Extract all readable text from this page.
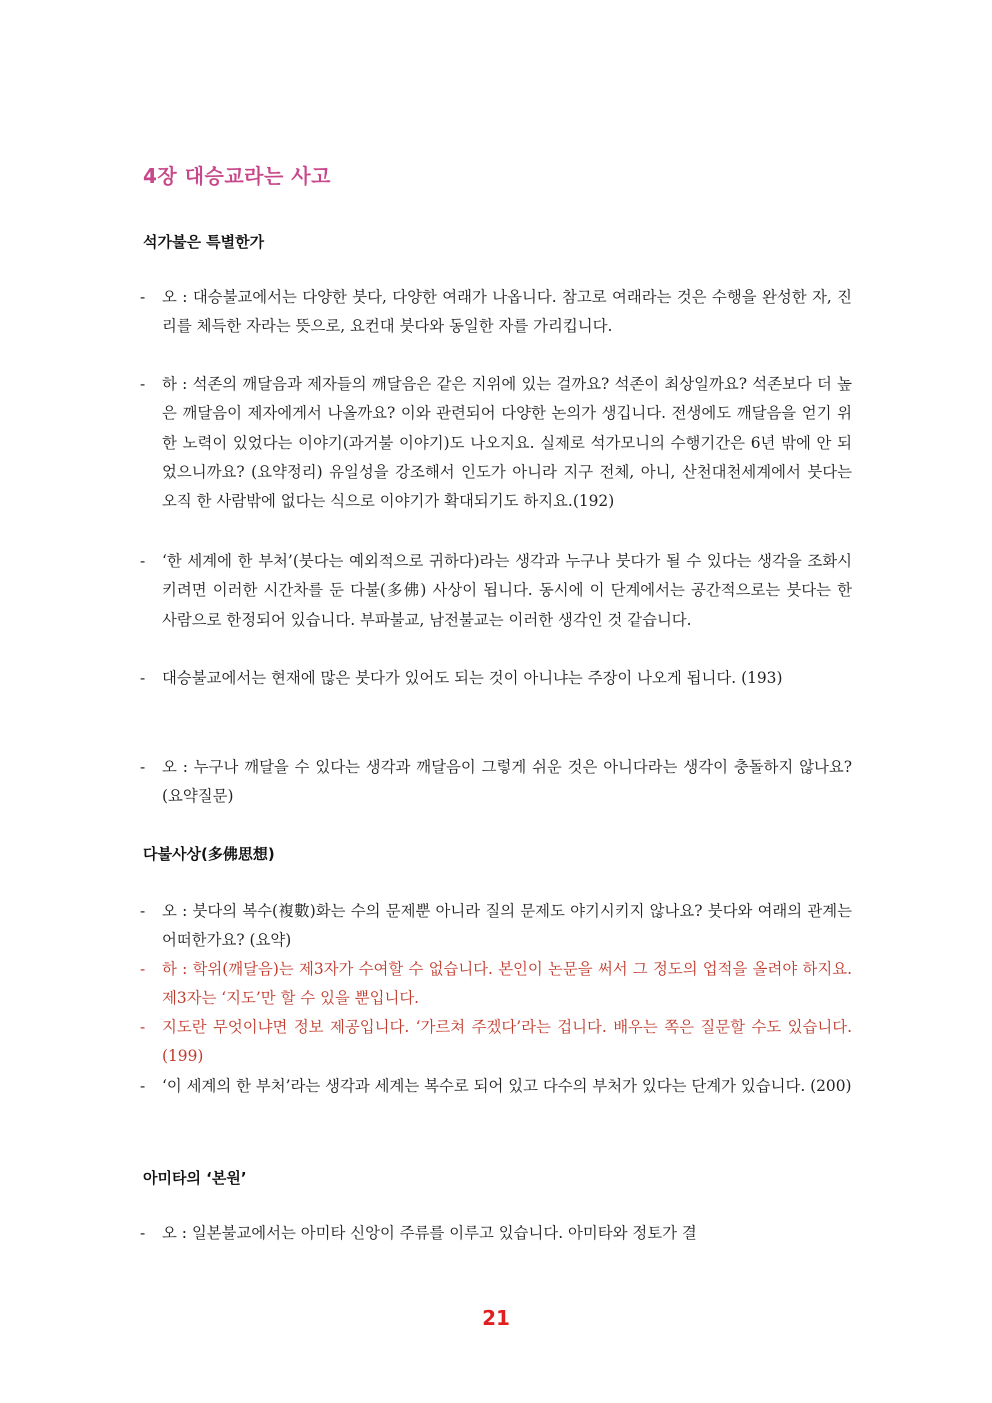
4장 대승교라는 사고
석가불은 특별한가
- 오 : 대승불교에서는 다양한 붓다, 다양한 여래가 나옵니다. 참고로 여래라는 것은 수행을 완성한 자, 진리를 체득한 자라는 뜻으로, 요컨대 붓다와 동일한 자를 가리킵니다.
- 하 : 석존의 깨달음과 제자들의 깨달음은 같은 지위에 있는 걸까요? 석존이 최상일까요? 석존보다 더 높은 깨달음이 제자에게서 나올까요? 이와 관련되어 다양한 논의가 생깁니다. 전생에도 깨달음을 얻기 위한 노력이 있었다는 이야기(과거불 이야기)도 나오지요. 실제로 석가모니의 수행기간은 6년 밖에 안 되었으니까요? (요약정리) 유일성을 강조해서 인도가 아니라 지구 전체, 아니, 산천대천세계에서 붓다는 오직 한 사람밖에 없다는 식으로 이야기가 확대되기도 하지요.(192)
- ‘한 세계에 한 부처’(붓다는 예외적으로 귀하다)라는 생각과 누구나 붓다가 될 수 있다는 생각을 조화시키려면 이러한 시간차를 둔 다불(多佛) 사상이 됩니다. 동시에 이 단계에서는 공간적으로는 붓다는 한 사람으로 한정되어 있습니다. 부파불교, 남전불교는 이러한 생각인 것 같습니다.
- 대승불교에서는 현재에 많은 붓다가 있어도 되는 것이 아니냐는 주장이 나오게 됩니다. (193)
- 오 : 누구나 깨달을 수 있다는 생각과 깨달음이 그렇게 쉬운 것은 아니다라는 생각이 충돌하지 않나요? (요약질문)
다불사상(多佛思想)
- 오 : 붓다의 복수(複數)화는 수의 문제뿐 아니라 질의 문제도 야기시키지 않나요? 붓다와 여래의 관계는 어떠한가요? (요약)
- 하 : 학위(깨달음)는 제3자가 수여할 수 없습니다. 본인이 논문을 써서 그 정도의 업적을 올려야 하지요. 제3자는 ‘지도’만 할 수 있을 뿐입니다.
- 지도란 무엇이냐면 정보 제공입니다. ‘가르쳐 주겠다’라는 겁니다. 배우는 쪽은 질문할 수도 있습니다. (199)
- ‘이 세계의 한 부처’라는 생각과 세계는 복수로 되어 있고 다수의 부처가 있다는 단계가 있습니다. (200)
아미타의 ‘본원’
- 오 : 일본불교에서는 아미타 신앙이 주류를 이루고 있습니다. 아미타와 정토가 결
21
